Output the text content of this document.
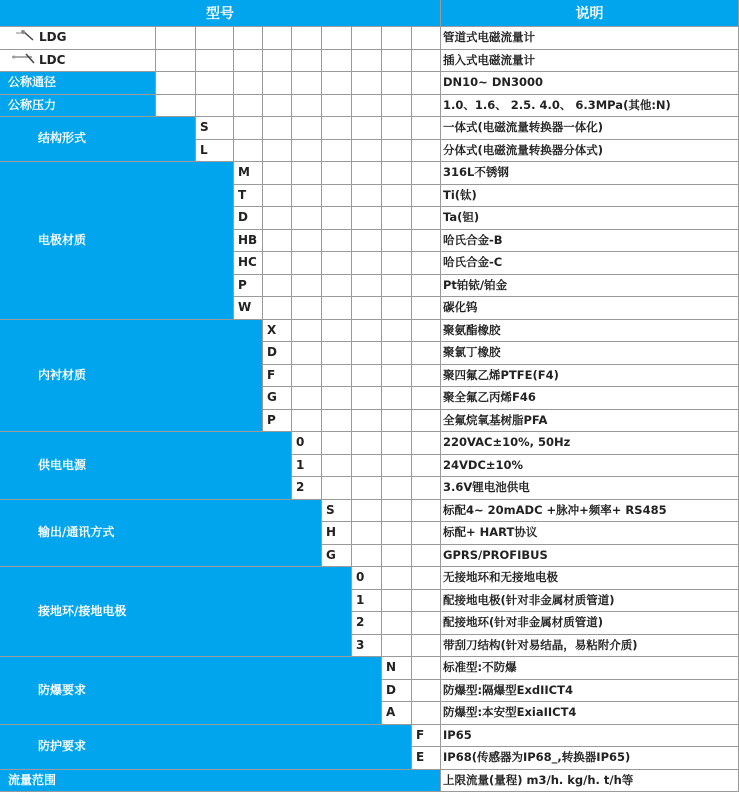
型号	说明
LDG	管道式电磁流量计
LDC	插入式电磁流量计
公称通径	DN10~ DN3000
公称压力	1.0、1.6、 2.5. 4.0、 6.3MPa(其他:N)
结构形式
S	一体式(电磁流量转换器一体化)
L	分体式(电磁流量转换器分体式)
电极材质
M	316L不锈钢
T	Ti(钛)
D	Ta(钽)
HB	哈氏合金-B
HC	哈氏合金-C
P	Pt铂铱/铂金
W	碳化钨
内衬材质
X	聚氨酯橡胶
D	聚氯丁橡胶
F	聚四氟乙烯PTFE(F4)
G	聚全氟乙丙烯F46
P	全氟烷氧基树脂PFA
供电电源
0	220VAC±10%, 50Hz
1	24VDC±10%
2	3.6V锂电池供电
输出/通讯方式
S	标配4~ 20mADC +脉冲+频率+ RS485
H	标配+ HART协议
G	GPRS/PROFIBUS
接地环/接地电极
0	无接地环和无接地电极
1	配接地电极(针对非金属材质管道)
2	配接地环(针对非金属材质管道)
3	带刮刀结构(针对易结晶，易粘附介质)
防爆要求
N	标准型:不防爆
D	防爆型:隔爆型ExdIICT4
A	防爆型:本安型ExiaIICT4
防护要求
F	IP65
E	IP68(传感器为IP68_,转换器IP65)
流量范围	上限流量(量程) m3/h. kg/h. t/h等
